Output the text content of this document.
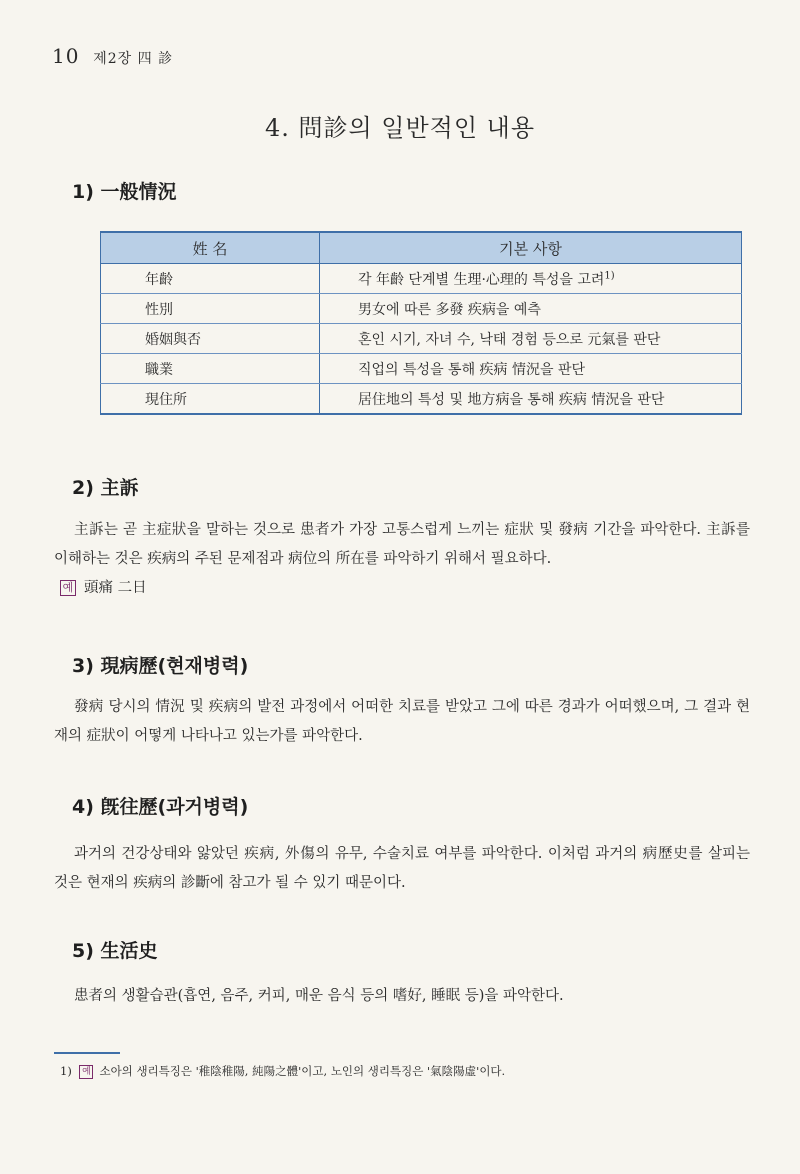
10 제2장 四 診
4. 問診의 일반적인 내용
1) 一般情況
姓 名	기본 사항
年齡	각 年齡 단계별 生理·心理的 특성을 고려$^{1)}$
性別	男女에 따른 多發 疾病을 예측
婚姻與否	혼인 시기, 자녀 수, 낙태 경험 등으로 元氣를 판단
職業	직업의 특성을 통해 疾病 情況을 판단
現住所	居住地의 특성 및 地方病을 통해 疾病 情況을 판단
2) 主訴
主訴는 곧 主症狀을 말하는 것으로 患者가 가장 고통스럽게 느끼는 症狀 및 發病 기간을 파악한다. 主訴를 이해하는 것은 疾病의 주된 문제점과 病位의 所在를 파악하기 위해서 필요하다.
예 頭痛 二日
3) 現病歷(현재병력)
發病 당시의 情況 및 疾病의 발전 과정에서 어떠한 치료를 받았고 그에 따른 경과가 어떠했으며, 그 결과 현재의 症狀이 어떻게 나타나고 있는가를 파악한다.
4) 旣往歷(과거병력)
과거의 건강상태와 앓았던 疾病, 外傷의 유무, 수술치료 여부를 파악한다. 이처럼 과거의 病歷史를 살피는 것은 현재의 疾病의 診斷에 참고가 될 수 있기 때문이다.
5) 生活史
患者의 생활습관(흡연, 음주, 커피, 매운 음식 등의 嗜好, 睡眠 등)을 파악한다.
1) 예 소아의 생리특징은 '稚陰稚陽, 純陽之體'이고, 노인의 생리특징은 '氣陰陽虛'이다.
